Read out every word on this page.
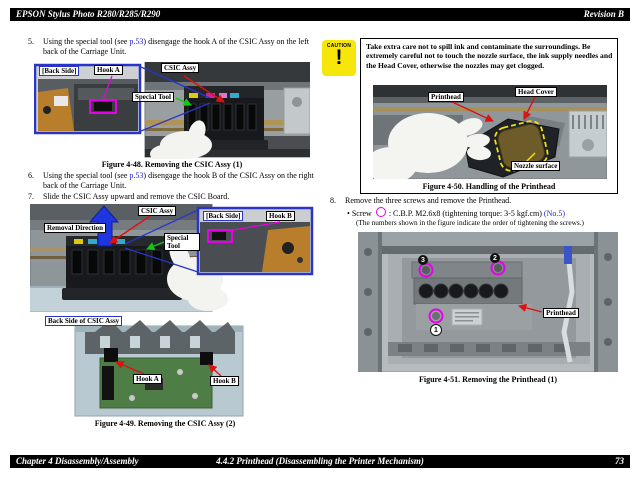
EPSON Stylus Photo R280/R285/R290	Revision B
5.	Using the special tool (see p.53) disengage the hook A of the CSIC Assy on the left back of the Carriage Unit.
[Back Side]	Hook A	CSIC Assy
Special Tool
Figure 4-48. Removing the CSIC Assy (1)
6.	Using the special tool (see p.53) disengage the hook B of the CSIC Assy on the right back of the Carriage Unit.
7.	Slide the CSIC Assy upward and remove the CSIC Board.
Removal Direction
CSIC Assy
Special Tool
[Back Side]	Hook B
Back Side of CSIC Assy
Hook A	Hook B
Figure 4-49. Removing the CSIC Assy (2)
CAUTION
!	Take extra care not to spill ink and contaminate the surroundings. Be extremely careful not to touch the nozzle surface, the ink supply needles and the Head Cover, otherwise the nozzles may get clogged.
Printhead
Head Cover
Nozzle surface
Figure 4-50. Handling of the Printhead
8.	Remove the three screws and remove the Printhead.
• Screw : C.B.P. M2.6x8 (tightening torque: 3-5 kgf.cm) (No.5)
(The numbers shown in the figure indicate the order of tightening the screws.)
3	2
1
Printhead
Figure 4-51. Removing the Printhead (1)
Chapter 4 Disassembly/Assembly	4.4.2 Printhead (Disassembling the Printer Mechanism)	73
